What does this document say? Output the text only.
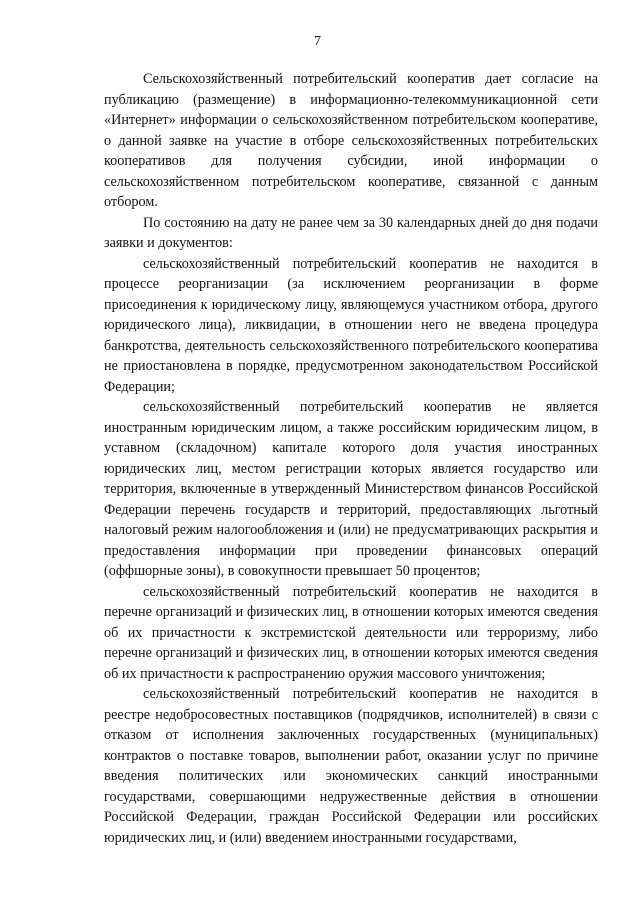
7

Сельскохозяйственный потребительский кооператив дает согласие на публикацию (размещение) в информационно-телекоммуникационной сети «Интернет» информации о сельскохозяйственном потребительском кооперативе, о данной заявке на участие в отборе сельскохозяйственных потребительских кооперативов для получения субсидии, иной информации о сельскохозяйственном потребительском кооперативе, связанной с данным отбором.

По состоянию на дату не ранее чем за 30 календарных дней до дня подачи заявки и документов:

сельскохозяйственный потребительский кооператив не находится в процессе реорганизации (за исключением реорганизации в форме присоединения к юридическому лицу, являющемуся участником отбора, другого юридического лица), ликвидации, в отношении него не введена процедура банкротства, деятельность сельскохозяйственного потребительского кооператива не приостановлена в порядке, предусмотренном законодательством Российской Федерации;

сельскохозяйственный потребительский кооператив не является иностранным юридическим лицом, а также российским юридическим лицом, в уставном (складочном) капитале которого доля участия иностранных юридических лиц, местом регистрации которых является государство или территория, включенные в утвержденный Министерством финансов Российской Федерации перечень государств и территорий, предоставляющих льготный налоговый режим налогообложения и (или) не предусматривающих раскрытия и предоставления информации при проведении финансовых операций (оффшорные зоны), в совокупности превышает 50 процентов;

сельскохозяйственный потребительский кооператив не находится в перечне организаций и физических лиц, в отношении которых имеются сведения об их причастности к экстремистской деятельности или терроризму, либо перечне организаций и физических лиц, в отношении которых имеются сведения об их причастности к распространению оружия массового уничтожения;

сельскохозяйственный потребительский кооператив не находится в реестре недобросовестных поставщиков (подрядчиков, исполнителей) в связи с отказом от исполнения заключенных государственных (муниципальных) контрактов о поставке товаров, выполнении работ, оказании услуг по причине введения политических или экономических санкций иностранными государствами, совершающими недружественные действия в отношении Российской Федерации, граждан Российской Федерации или российских юридических лиц, и (или) введением иностранными государствами,
